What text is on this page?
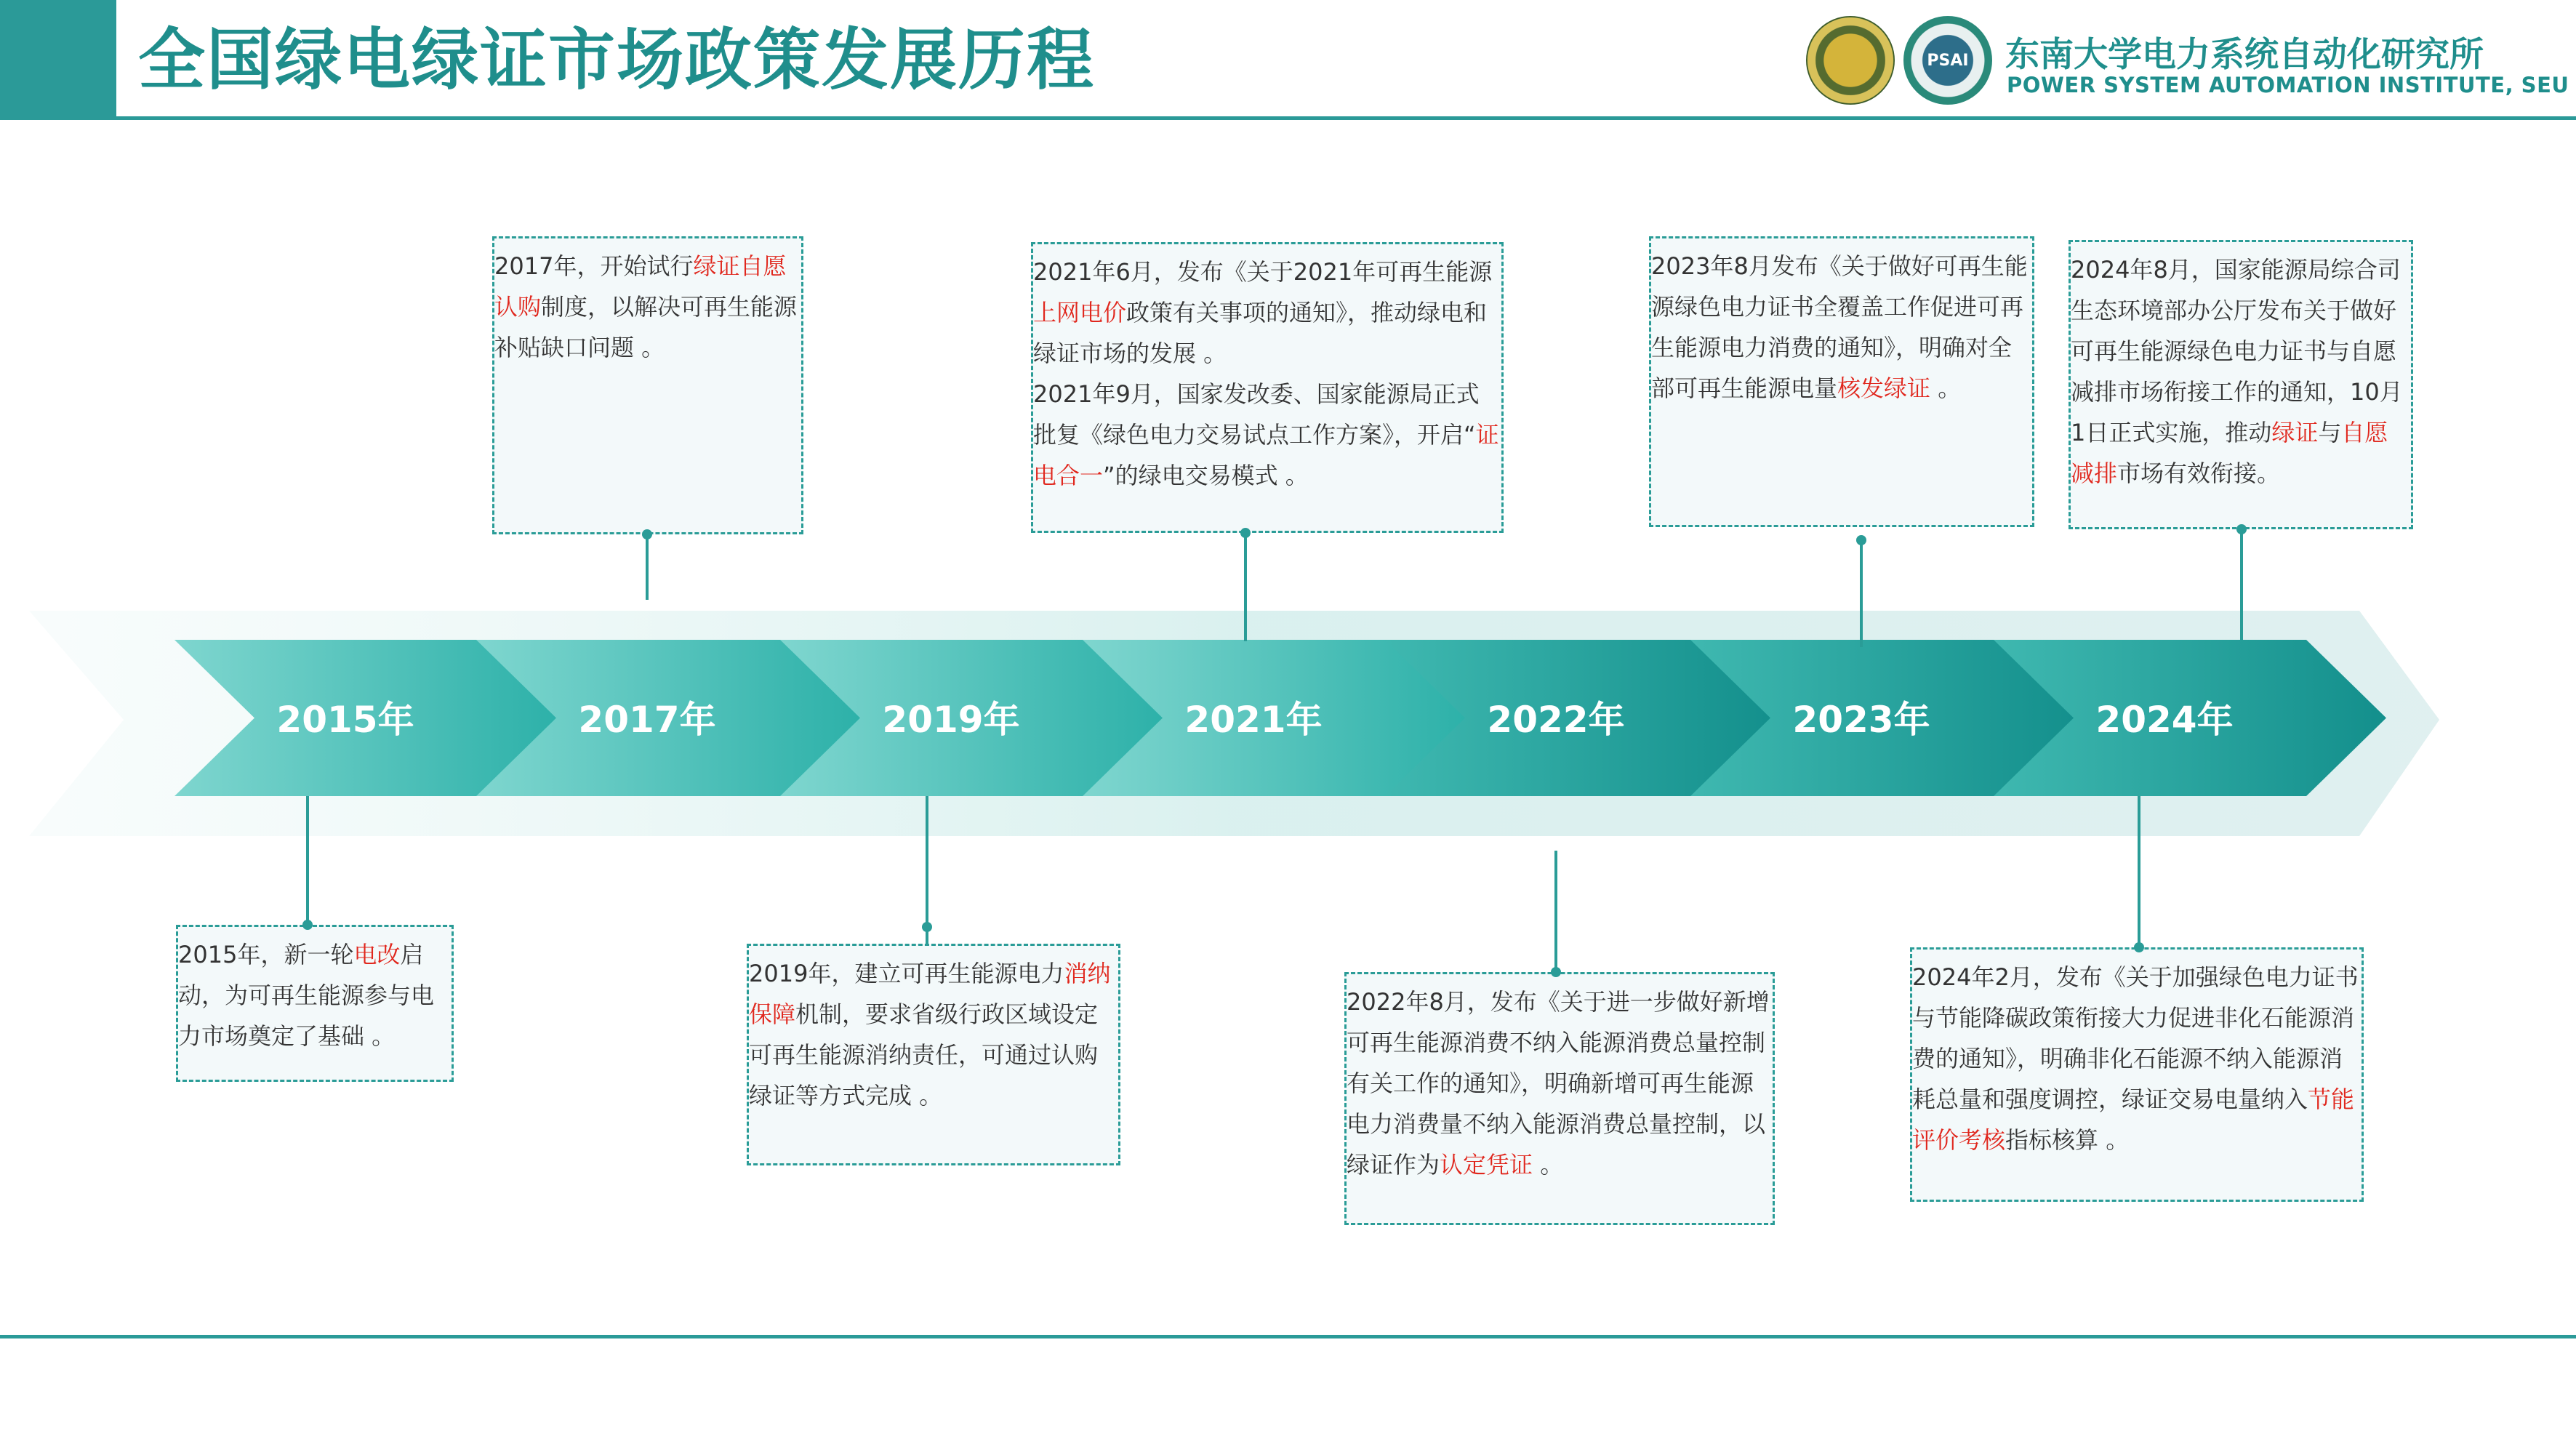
全国绿电绿证市场政策发展历程	PSAI	东南大学电力系统自动化研究所
POWER SYSTEM AUTOMATION INSTITUTE, SEU
2015年	2017年	2019年	2021年	2022年	2023年	2024年
2015年，新一轮电改启动，为可再生能源参与电力市场奠定了基础 。
2017年，开始试行绿证自愿认购制度，以解决可再生能源补贴缺口问题 。
2019年，建立可再生能源电力消纳保障机制，要求省级行政区域设定可再生能源消纳责任，可通过认购绿证等方式完成 。
2021年6月，发布《关于2021年可再生能源上网电价政策有关事项的通知》，推动绿电和绿证市场的发展 。
2021年9月，国家发改委、国家能源局正式批复《绿色电力交易试点工作方案》，开启“证电合一”的绿电交易模式 。
2022年8月，发布《关于进一步做好新增可再生能源消费不纳入能源消费总量控制有关工作的通知》，明确新增可再生能源电力消费量不纳入能源消费总量控制，以绿证作为认定凭证 。
2023年8月发布《关于做好可再生能源绿色电力证书全覆盖工作促进可再生能源电力消费的通知》，明确对全部可再生能源电量核发绿证 。
2024年2月，发布《关于加强绿色电力证书与节能降碳政策衔接大力促进非化石能源消费的通知》，明确非化石能源不纳入能源消耗总量和强度调控，绿证交易电量纳入节能评价考核指标核算 。
2024年8月，国家能源局综合司 生态环境部办公厅发布关于做好可再生能源绿色电力证书与自愿减排市场衔接工作的通知，10月1日正式实施，推动绿证与自愿减排市场有效衔接。
